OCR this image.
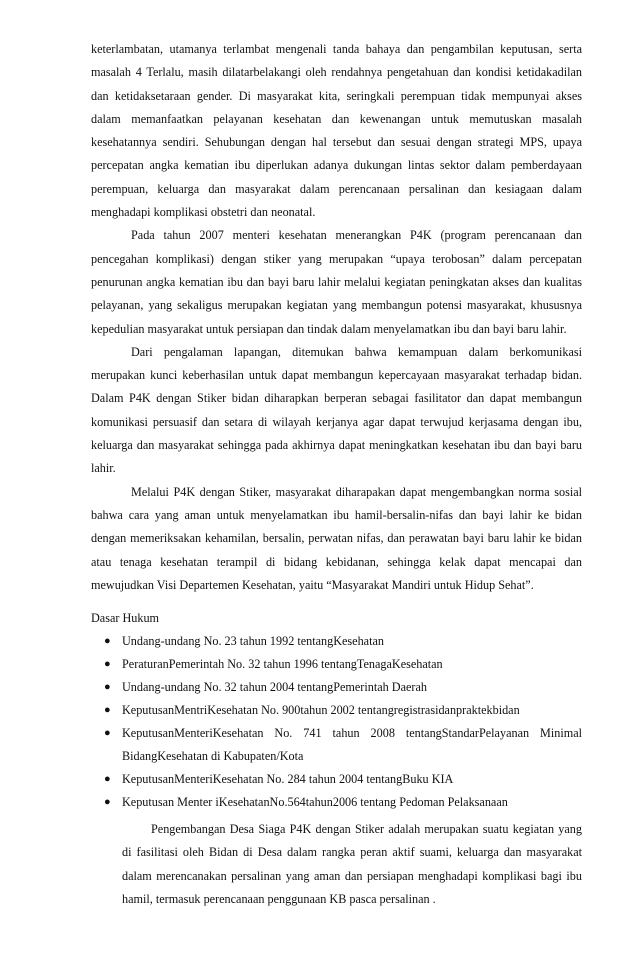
keterlambatan, utamanya terlambat mengenali tanda bahaya dan pengambilan keputusan, serta masalah 4 Terlalu, masih dilatarbelakangi oleh rendahnya pengetahuan dan kondisi ketidakadilan dan ketidaksetaraan gender. Di masyarakat kita, seringkali perempuan tidak mempunyai akses dalam memanfaatkan pelayanan kesehatan dan kewenangan untuk memutuskan masalah kesehatannya sendiri. Sehubungan dengan hal tersebut dan sesuai dengan strategi MPS, upaya percepatan angka kematian ibu diperlukan adanya dukungan lintas sektor dalam pemberdayaan perempuan, keluarga dan masyarakat dalam perencanaan persalinan dan kesiagaan dalam menghadapi komplikasi obstetri dan neonatal.

Pada tahun 2007 menteri kesehatan menerangkan P4K (program perencanaan dan pencegahan komplikasi) dengan stiker yang merupakan “upaya terobosan” dalam percepatan penurunan angka kematian ibu dan bayi baru lahir melalui kegiatan peningkatan akses dan kualitas pelayanan, yang sekaligus merupakan kegiatan yang membangun potensi masyarakat, khususnya kepedulian masyarakat untuk persiapan dan tindak dalam menyelamatkan ibu dan bayi baru lahir.

Dari pengalaman lapangan, ditemukan bahwa kemampuan dalam berkomunikasi merupakan kunci keberhasilan untuk dapat membangun kepercayaan masyarakat terhadap bidan. Dalam P4K dengan Stiker bidan diharapkan berperan sebagai fasilitator dan dapat membangun komunikasi persuasif dan setara di wilayah kerjanya agar dapat terwujud kerjasama dengan ibu, keluarga dan masyarakat sehingga pada akhirnya dapat meningkatkan kesehatan ibu dan bayi baru lahir.

Melalui P4K dengan Stiker, masyarakat diharapakan dapat mengembangkan norma sosial bahwa cara yang aman untuk menyelamatkan ibu hamil-bersalin-nifas dan bayi lahir ke bidan dengan memeriksakan kehamilan, bersalin, perwatan nifas, dan perawatan bayi baru lahir ke bidan atau tenaga kesehatan terampil di bidang kebidanan, sehingga kelak dapat mencapai dan mewujudkan Visi Departemen Kesehatan, yaitu “Masyarakat Mandiri untuk Hidup Sehat”.

Dasar Hukum

● Undang-undang No. 23 tahun 1992 tentangKesehatan
● PeraturanPemerintah No. 32 tahun 1996 tentangTenagaKesehatan
● Undang-undang No. 32 tahun 2004 tentangPemerintah Daerah
● KeputusanMentriKesehatan No. 900tahun 2002 tentangregistrasidanpraktekbidan
● KeputusanMenteriKesehatan No. 741 tahun 2008 tentangStandarPelayanan Minimal BidangKesehatan di Kabupaten/Kota
● KeputusanMenteriKesehatan No. 284 tahun 2004 tentangBuku KIA
● Keputusan Menter iKesehatanNo.564tahun2006 tentang Pedoman Pelaksanaan

Pengembangan Desa Siaga P4K dengan Stiker adalah merupakan suatu kegiatan yang di fasilitasi oleh Bidan di Desa dalam rangka peran aktif suami, keluarga dan masyarakat dalam merencanakan persalinan yang aman dan persiapan menghadapi komplikasi bagi ibu hamil, termasuk perencanaan penggunaan KB pasca persalinan .
